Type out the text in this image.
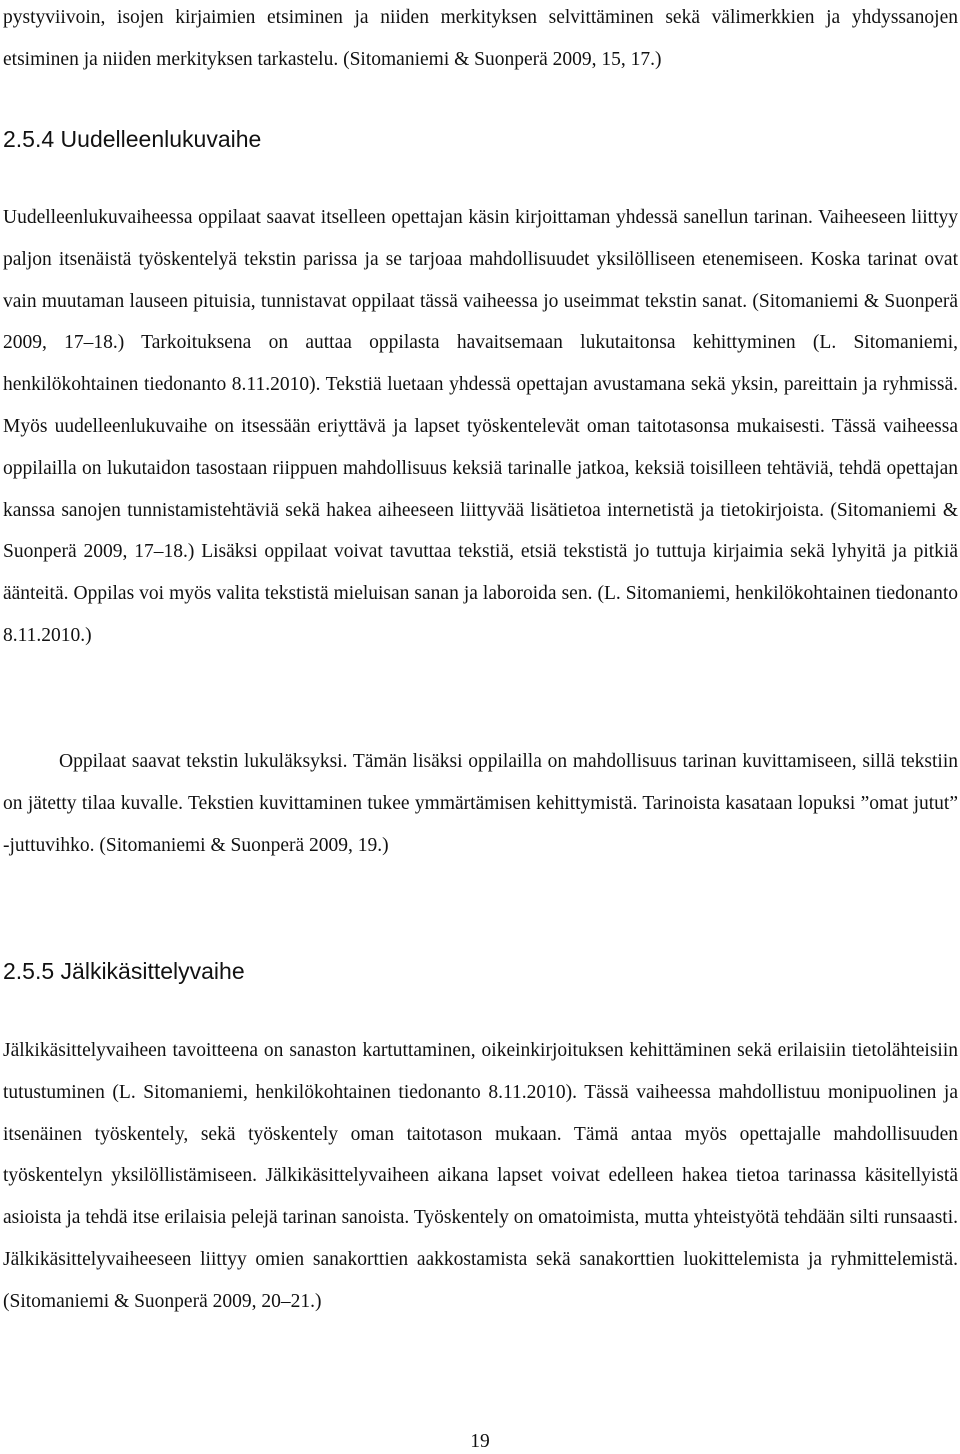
pystyviivoin, isojen kirjaimien etsiminen ja niiden merkityksen selvittäminen sekä välimerkkien ja yhdyssanojen etsiminen ja niiden merkityksen tarkastelu. (Sitomaniemi & Suonperä 2009, 15, 17.)

2.5.4 Uudelleenlukuvaihe

Uudelleenlukuvaiheessa oppilaat saavat itselleen opettajan käsin kirjoittaman yhdessä sanellun tarinan. Vaiheeseen liittyy paljon itsenäistä työskentelyä tekstin parissa ja se tarjoaa mahdollisuudet yksilölliseen etenemiseen. Koska tarinat ovat vain muutaman lauseen pituisia, tunnistavat oppilaat tässä vaiheessa jo useimmat tekstin sanat. (Sitomaniemi & Suonperä 2009, 17–18.) Tarkoituksena on auttaa oppilasta havaitsemaan lukutaitonsa kehittyminen (L. Sitomaniemi, henkilökohtainen tiedonanto 8.11.2010). Tekstiä luetaan yhdessä opettajan avustamana sekä yksin, pareittain ja ryhmissä. Myös uudelleenlukuvaihe on itsessään eriyttävä ja lapset työskentelevät oman taitotasonsa mukaisesti. Tässä vaiheessa oppilailla on lukutaidon tasostaan riippuen mahdollisuus keksiä tarinalle jatkoa, keksiä toisilleen tehtäviä, tehdä opettajan kanssa sanojen tunnistamistehtäviä sekä hakea aiheeseen liittyvää lisätietoa internetistä ja tietokirjoista. (Sitomaniemi & Suonperä 2009, 17–18.) Lisäksi oppilaat voivat tavuttaa tekstiä, etsiä tekstistä jo tuttuja kirjaimia sekä lyhyitä ja pitkiä äänteitä. Oppilas voi myös valita tekstistä mieluisan sanan ja laboroida sen. (L. Sitomaniemi, henkilökohtainen tiedonanto 8.11.2010.)

Oppilaat saavat tekstin lukuläksyksi. Tämän lisäksi oppilailla on mahdollisuus tarinan kuvittamiseen, sillä tekstiin on jätetty tilaa kuvalle. Tekstien kuvittaminen tukee ymmärtämisen kehittymistä. Tarinoista kasataan lopuksi ”omat jutut” -juttuvihko. (Sitomaniemi & Suonperä 2009, 19.)

2.5.5 Jälkikäsittelyvaihe

Jälkikäsittelyvaiheen tavoitteena on sanaston kartuttaminen, oikeinkirjoituksen kehittäminen sekä erilaisiin tietolähteisiin tutustuminen (L. Sitomaniemi, henkilökohtainen tiedonanto 8.11.2010). Tässä vaiheessa mahdollistuu monipuolinen ja itsenäinen työskentely, sekä työskentely oman taitotason mukaan. Tämä antaa myös opettajalle mahdollisuuden työskentelyn yksilöllistämiseen. Jälkikäsittelyvaiheen aikana lapset voivat edelleen hakea tietoa tarinassa käsitellyistä asioista ja tehdä itse erilaisia pelejä tarinan sanoista. Työskentely on omatoimista, mutta yhteistyötä tehdään silti runsaasti. Jälkikäsittelyvaiheeseen liittyy omien sanakorttien aakkostamista sekä sanakorttien luokittelemista ja ryhmittelemistä. (Sitomaniemi & Suonperä 2009, 20–21.)

19
